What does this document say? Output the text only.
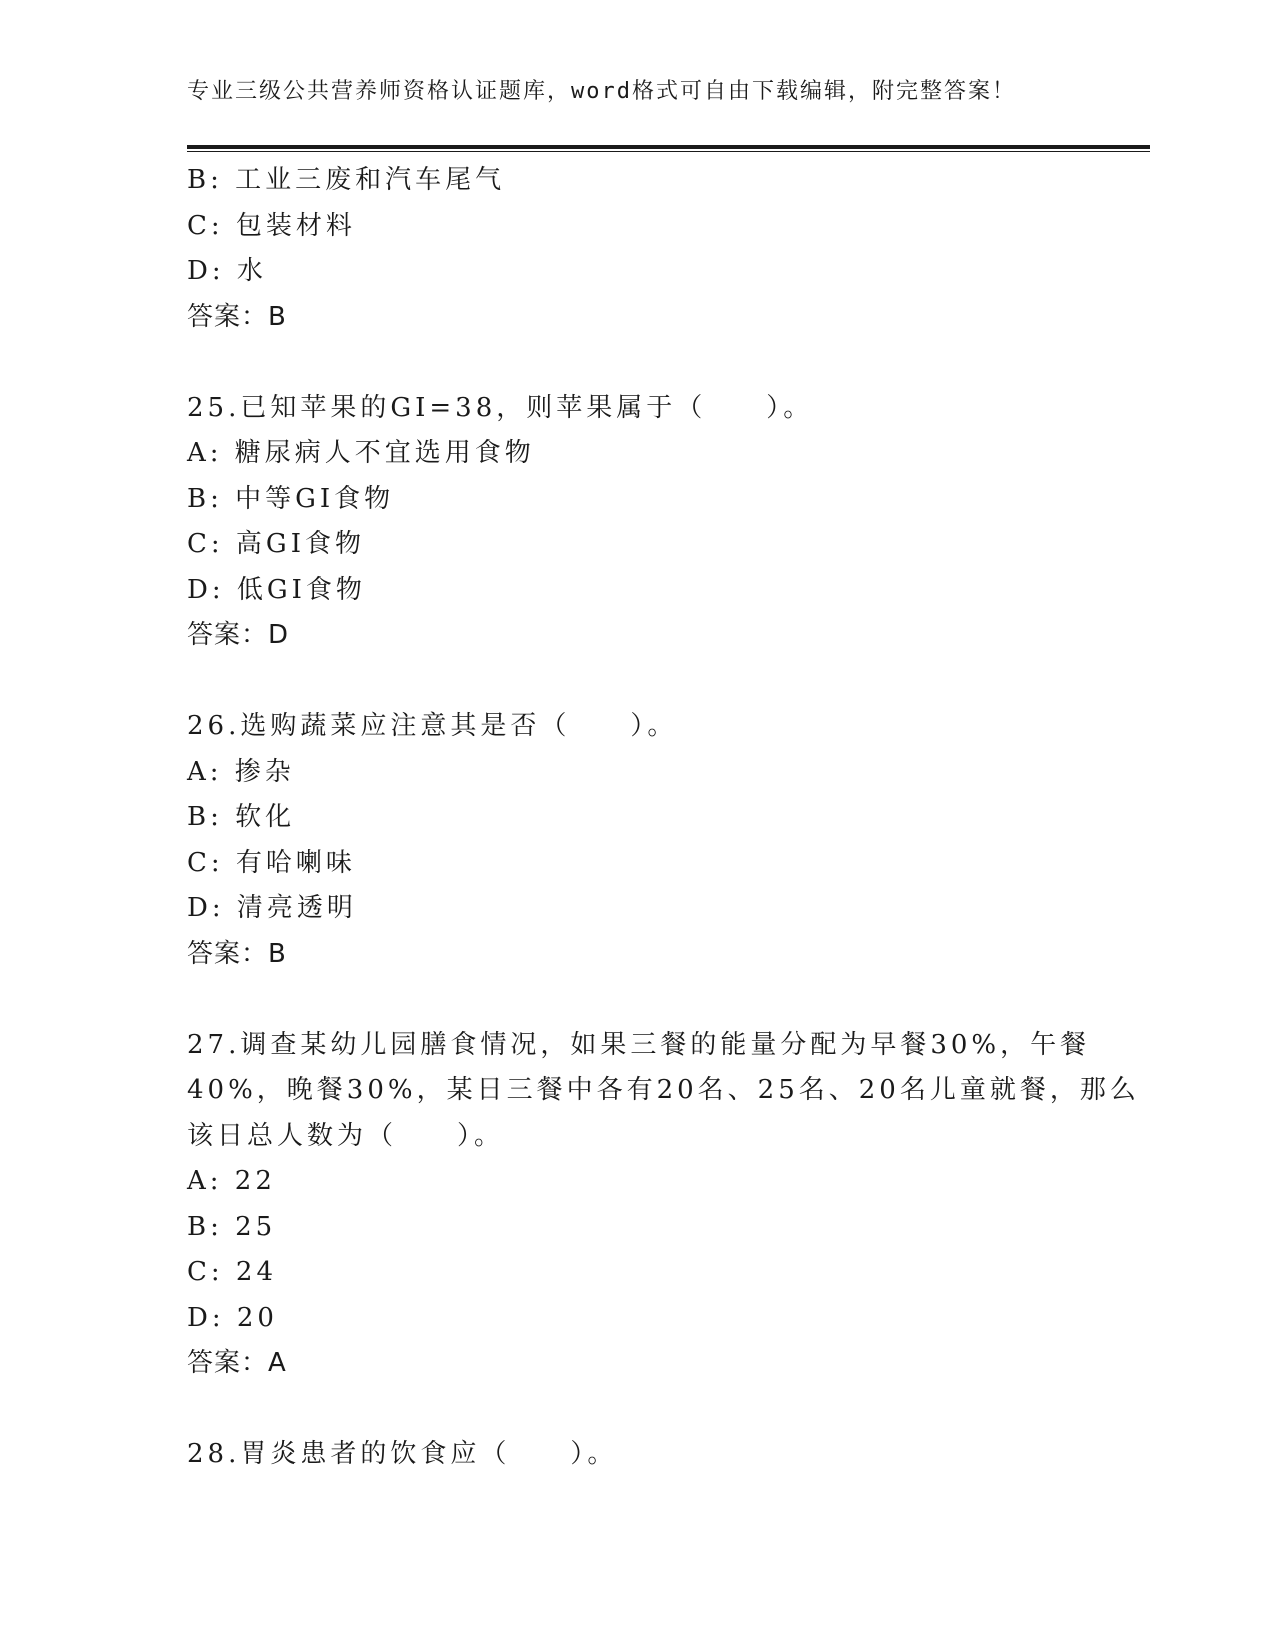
专业三级公共营养师资格认证题库，word格式可自由下载编辑，附完整答案！
B: 工业三废和汽车尾气
C: 包装材料
D: 水
答案：B
25.已知苹果的GI=38，则苹果属于（　　）。
A: 糖尿病人不宜选用食物
B: 中等GI食物
C: 高GI食物
D: 低GI食物
答案：D
26.选购蔬菜应注意其是否（　　）。
A: 掺杂
B: 软化
C: 有哈喇味
D: 清亮透明
答案：B
27.调查某幼儿园膳食情况，如果三餐的能量分配为早餐30%，午餐
40%，晚餐30%，某日三餐中各有20名、25名、20名儿童就餐，那么
该日总人数为（　　）。
A: 22
B: 25
C: 24
D: 20
答案：A
28.胃炎患者的饮食应（　　）。
